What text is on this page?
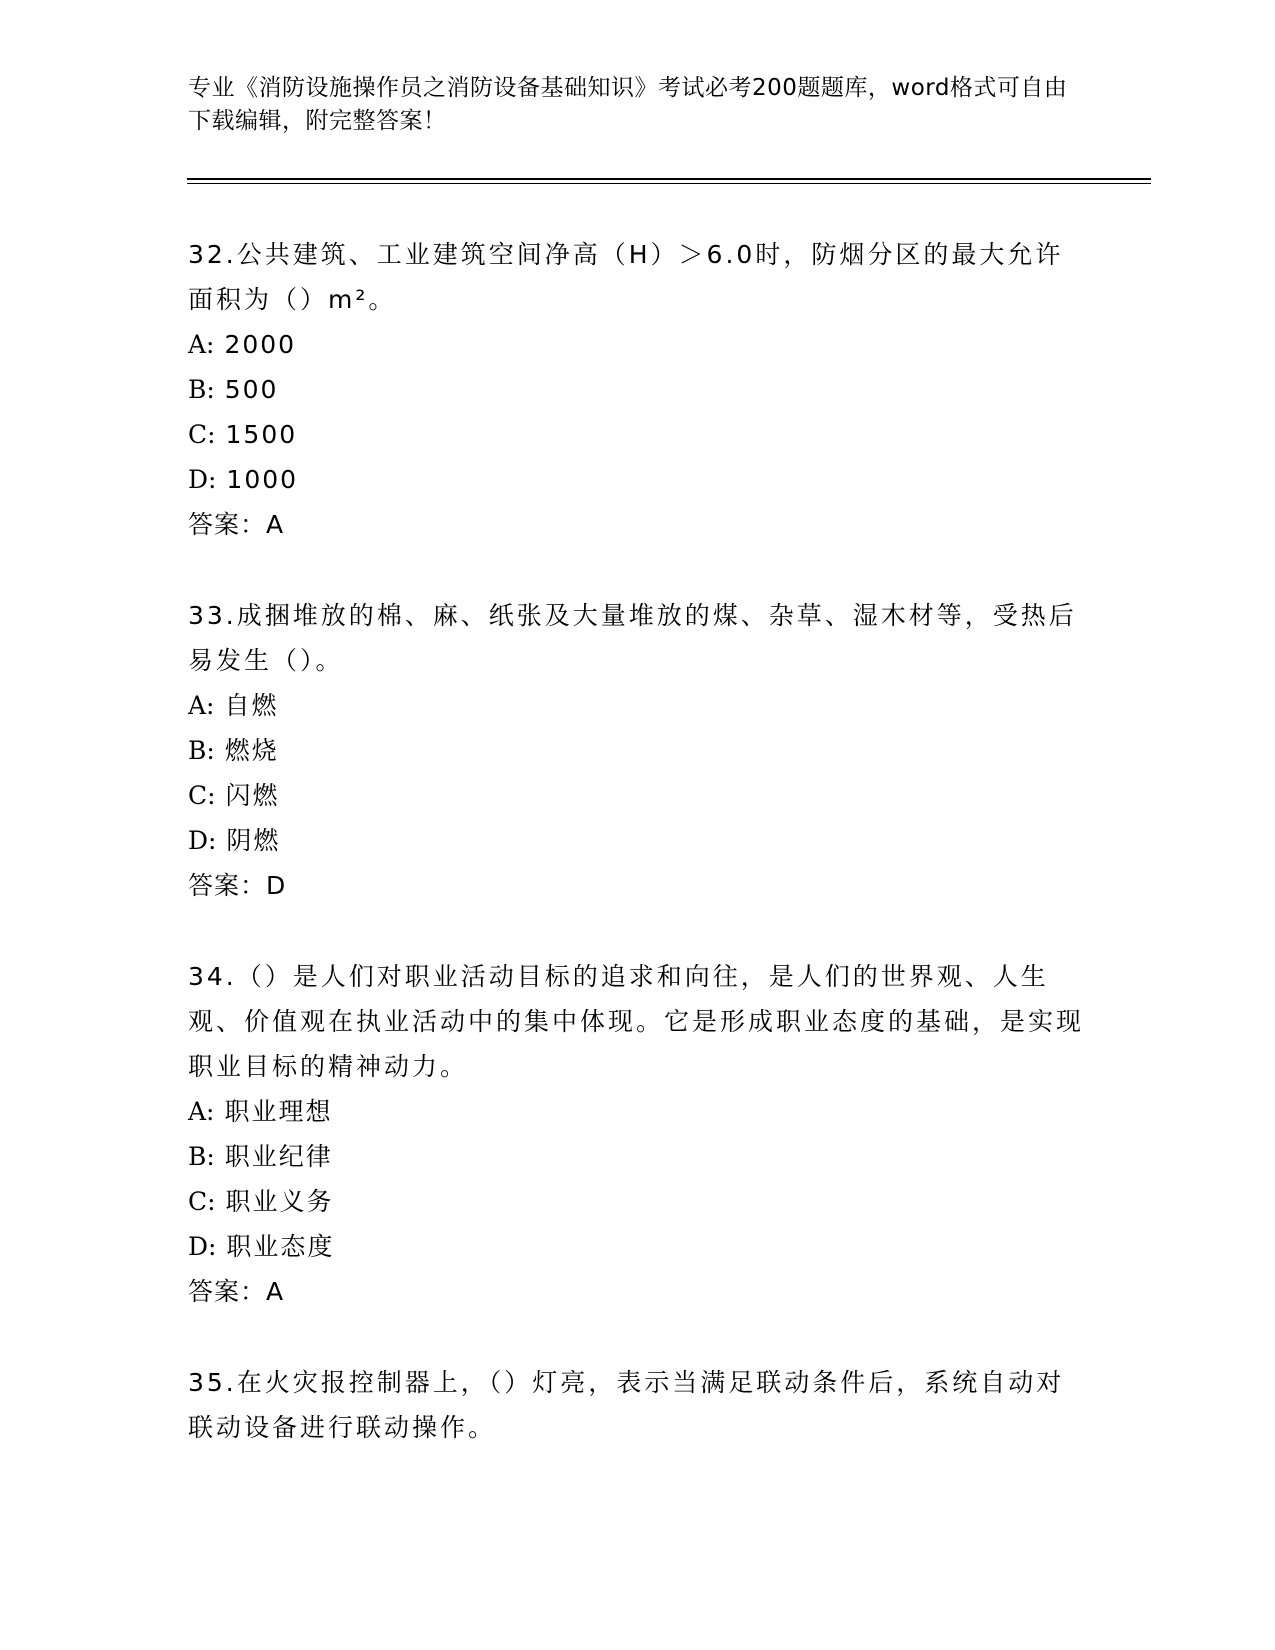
专业《消防设施操作员之消防设备基础知识》考试必考200题题库，word格式可自由下载编辑，附完整答案！
32.公共建筑、工业建筑空间净高（H）＞6.0时，防烟分区的最大允许面积为（）m²。
A: 2000
B: 500
C: 1500
D: 1000
答案：A
33.成捆堆放的棉、麻、纸张及大量堆放的煤、杂草、湿木材等，受热后易发生（）。
A: 自燃
B: 燃烧
C: 闪燃
D: 阴燃
答案：D
34.（）是人们对职业活动目标的追求和向往，是人们的世界观、人生观、价值观在执业活动中的集中体现。它是形成职业态度的基础，是实现职业目标的精神动力。
A: 职业理想
B: 职业纪律
C: 职业义务
D: 职业态度
答案：A
35.在火灾报控制器上，（）灯亮，表示当满足联动条件后，系统自动对联动设备进行联动操作。
